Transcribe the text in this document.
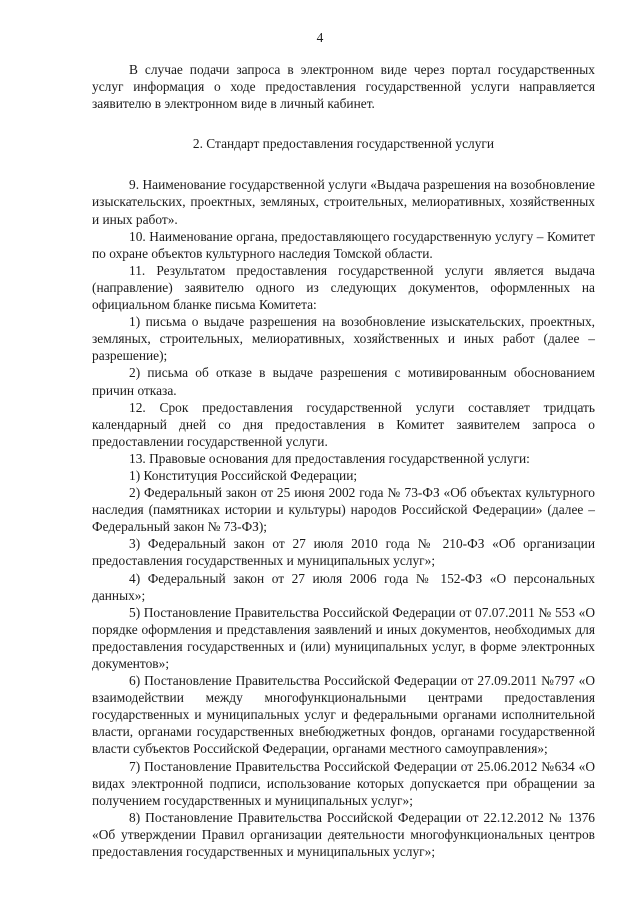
4

В случае подачи запроса в электронном виде через портал государственных услуг информация о ходе предоставления государственной услуги направляется заявителю в электронном виде в личный кабинет.

2. Стандарт предоставления государственной услуги

9. Наименование государственной услуги «Выдача разрешения на возобновление изыскательских, проектных, земляных, строительных, мелиоративных, хозяйственных и иных работ».

10. Наименование органа, предоставляющего государственную услугу – Комитет по охране объектов культурного наследия Томской области.

11. Результатом предоставления государственной услуги является выдача (направление) заявителю одного из следующих документов, оформленных на официальном бланке письма Комитета:

1) письма о выдаче разрешения на возобновление изыскательских, проектных, земляных, строительных, мелиоративных, хозяйственных и иных работ (далее – разрешение);

2) письма об отказе в выдаче разрешения с мотивированным обоснованием причин отказа.

12. Срок предоставления государственной услуги составляет тридцать календарный дней со дня предоставления в Комитет заявителем запроса о предоставлении государственной услуги.

13. Правовые основания для предоставления государственной услуги:

1) Конституция Российской Федерации;

2) Федеральный закон от 25 июня 2002 года № 73-ФЗ «Об объектах культурного наследия (памятниках истории и культуры) народов Российской Федерации» (далее – Федеральный закон № 73-ФЗ);

3) Федеральный закон от 27 июля 2010 года № 210-ФЗ «Об организации предоставления государственных и муниципальных услуг»;

4) Федеральный закон от 27 июля 2006 года № 152-ФЗ «О персональных данных»;

5) Постановление Правительства Российской Федерации от 07.07.2011 № 553 «О порядке оформления и представления заявлений и иных документов, необходимых для предоставления государственных и (или) муниципальных услуг, в форме электронных документов»;

6) Постановление Правительства Российской Федерации от 27.09.2011 №797 «О взаимодействии между многофункциональными центрами предоставления государственных и муниципальных услуг и федеральными органами исполнительной власти, органами государственных внебюджетных фондов, органами государственной власти субъектов Российской Федерации, органами местного самоуправления»;

7) Постановление Правительства Российской Федерации от 25.06.2012 №634 «О видах электронной подписи, использование которых допускается при обращении за получением государственных и муниципальных услуг»;

8) Постановление Правительства Российской Федерации от 22.12.2012 № 1376 «Об утверждении Правил организации деятельности многофункциональных центров предоставления государственных и муниципальных услуг»;
